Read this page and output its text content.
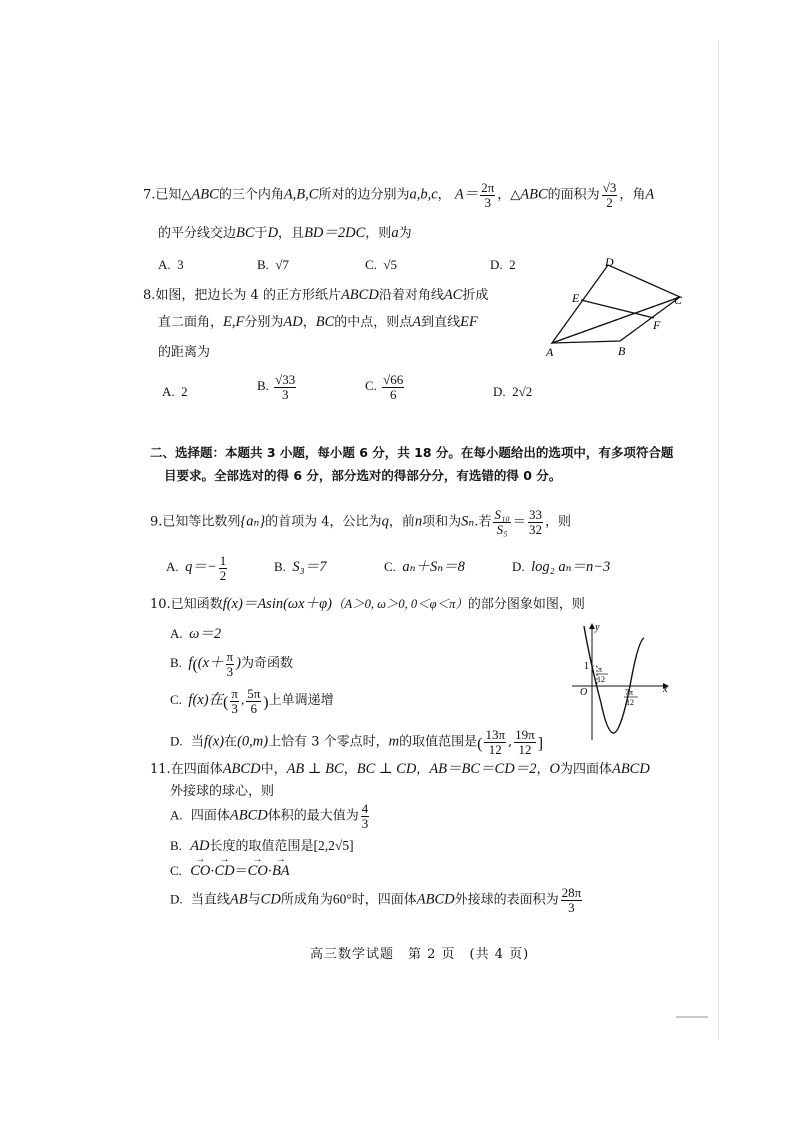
7.已知△ABC的三个内角A,B,C所对的边分别为a,b,c， $A= \frac{2\pi}{3}$ ，△ABC的面积为 $\frac{√3}{2}$ ，角A
的平分线交边BC于D，且BD＝2DC，则a为
A. 3	B. √7	C. √5	D. 2
8.如图，把边长为 4 的正方形纸片ABCD沿着对角线AC折成
直二面角，E,F分别为AD，BC的中点，则点A到直线EF
的距离为
D
E	C
F
A	B
A. 2	B. $\frac{√33}{3}$	C. $\frac{√66}{6}$	D. 2√2
二、选择题：本题共 3 小题，每小题 6 分，共 18 分。在每小题给出的选项中，有多项符合题
目要求。全部选对的得 6 分，部分选对的得部分分，有选错的得 0 分。
9.已知等比数列{aₙ}的首项为 4，公比为q，前n项和为Sₙ.若 $\frac{\text{S₁₀}}{\text{S₅}} = \frac{33}{32}$ ，则
A. $q=- \frac{1}{2}$	B. S₃＝7	C. aₙ＋Sₙ＝8	D. log₂ aₙ＝n−3
10.已知函数f(x)＝Asin(ωx＋φ)（A＞0, ω＞0, 0＜φ＜π）的部分图象如图，则
A. ω＝2
B. $f((x+ \frac{\pi}{3}$ )为奇函数
C. f(x)在( $\frac{\pi}{3}$ , $\frac{5\pi}{6}$ )上单调递增
D. 当f(x)在(0,m)上恰有 3 个零点时，m的取值范围是( $\frac{13\pi}{12}$ , $\frac{19\pi}{12}$ ]
y
x
O
1 π
12
7π
12
11.在四面体ABCD中，AB ⊥ BC，BC ⊥ CD，AB＝BC＝CD＝2，O为四面体ABCD
外接球的球心，则
A. 四面体ABCD体积的最大值为 $\frac{4}{3}$
B. AD长度的取值范围是[2,2√5]
C.  → CO·→ CD＝→ CO·→ BA
D. 当直线AB与CD所成角为60°时，四面体ABCD外接球的表面积为 $\frac{28\pi}{3}$
高三数学试题　第 2 页　(共 4 页)
